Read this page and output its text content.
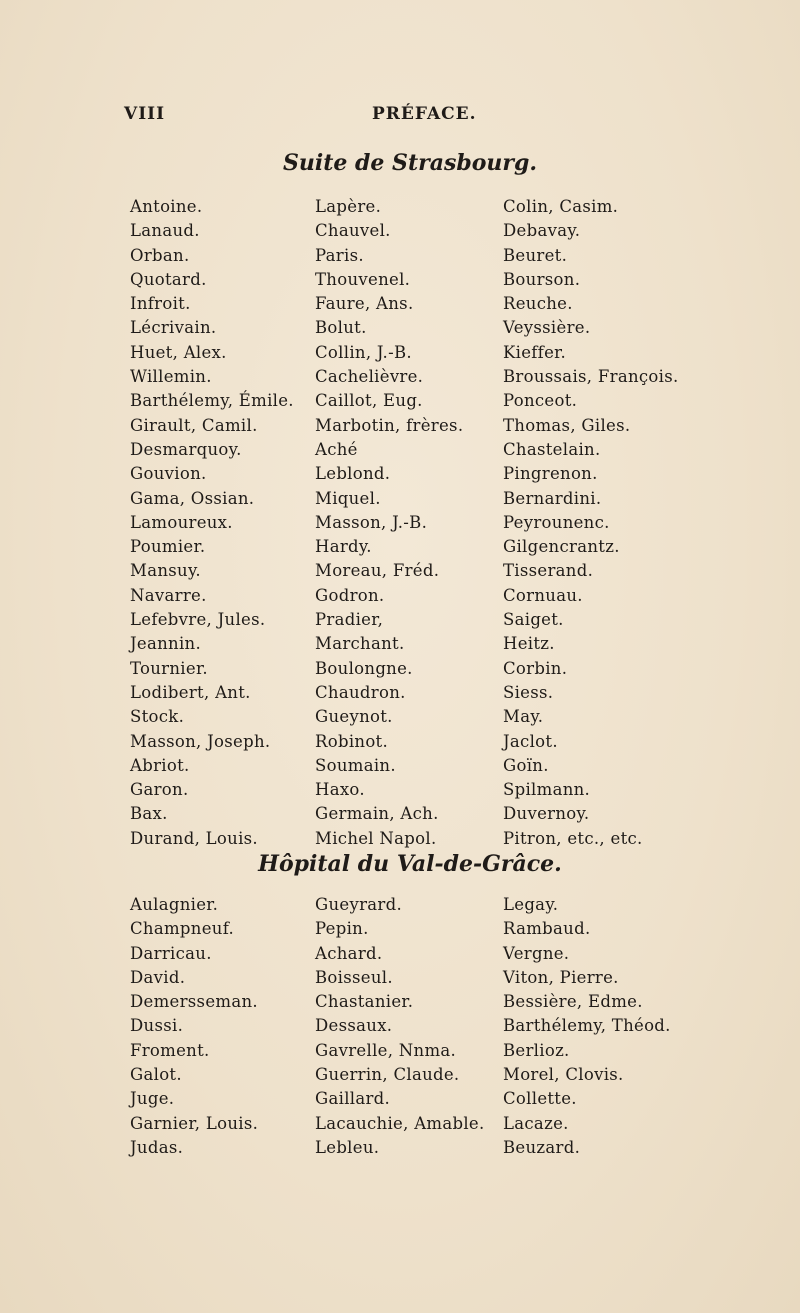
VIII	PRÉFACE.
Suite de Strasbourg.
Antoine.
Lanaud.
Orban.
Quotard.
Infroit.
Lécrivain.
Huet, Alex.
Willemin.
Barthélemy, Émile.
Girault, Camil.
Desmarquoy.
Gouvion.
Gama, Ossian.
Lamoureux.
Poumier.
Mansuy.
Navarre.
Lefebvre, Jules.
Jeannin.
Tournier.
Lodibert, Ant.
Stock.
Masson, Joseph.
Abriot.
Garon.
Bax.
Durand, Louis.
Lapère.
Chauvel.
Paris.
Thouvenel.
Faure, Ans.
Bolut.
Collin, J.-B.
Cachelièvre.
Caillot, Eug.
Marbotin, frères.
Aché
Leblond.
Miquel.
Masson, J.-B.
Hardy.
Moreau, Fréd.
Godron.
Pradier,
Marchant.
Boulongne.
Chaudron.
Gueynot.
Robinot.
Soumain.
Haxo.
Germain, Ach.
Michel Napol.
Colin, Casim.
Debavay.
Beuret.
Bourson.
Reuche.
Veyssière.
Kieffer.
Broussais, François.
Ponceot.
Thomas, Giles.
Chastelain.
Pingrenon.
Bernardini.
Peyrounenc.
Gilgencrantz.
Tisserand.
Cornuau.
Saiget.
Heitz.
Corbin.
Siess.
May.
Jaclot.
Goïn.
Spilmann.
Duvernoy.
Pitron, etc., etc.
Hôpital du Val-de-Grâce.
Aulagnier.
Champneuf.
Darricau.
David.
Demersseman.
Dussi.
Froment.
Galot.
Juge.
Garnier, Louis.
Judas.
Gueyrard.
Pepin.
Achard.
Boisseul.
Chastanier.
Dessaux.
Gavrelle, Nnma.
Guerrin, Claude.
Gaillard.
Lacauchie, Amable.
Lebleu.
Legay.
Rambaud.
Vergne.
Viton, Pierre.
Bessière, Edme.
Barthélemy, Théod.
Berlioz.
Morel, Clovis.
Collette.
Lacaze.
Beuzard.
